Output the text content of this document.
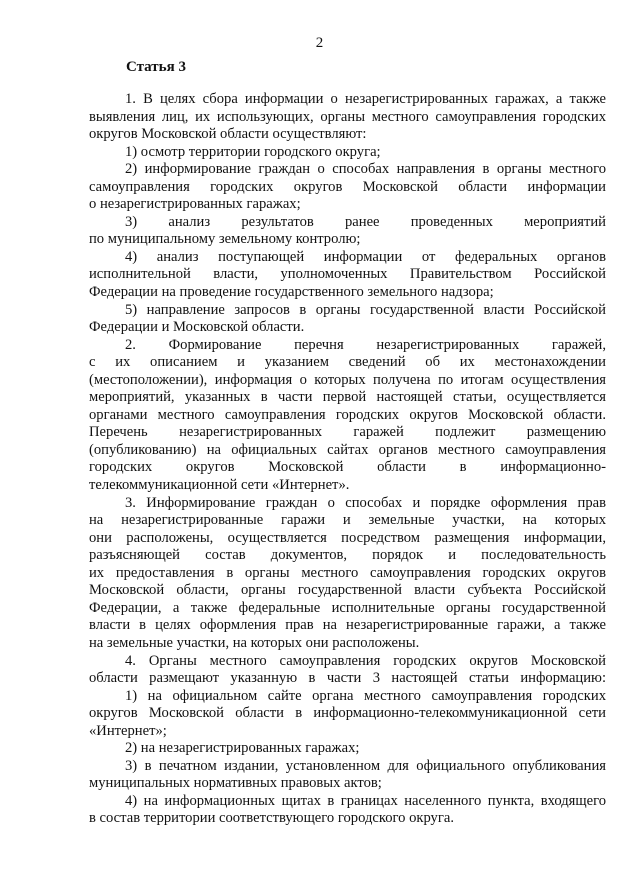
2
Статья 3
1. В целях сбора информации о незарегистрированных гаражах, а также
выявления лиц, их использующих, органы местного самоуправления городских
округов Московской области осуществляют:
1) осмотр территории городского округа;
2) информирование граждан о способах направления в органы местного
самоуправления городских округов Московской области информации
о незарегистрированных гаражах;
3) анализ результатов ранее проведенных мероприятий
по муниципальному земельному контролю;
4) анализ поступающей информации от федеральных органов
исполнительной власти, уполномоченных Правительством Российской
Федерации на проведение государственного земельного надзора;
5) направление запросов в органы государственной власти Российской
Федерации и Московской области.
2. Формирование перечня незарегистрированных гаражей,
с их описанием и указанием сведений об их местонахождении
(местоположении), информация о которых получена по итогам осуществления
мероприятий, указанных в части первой настоящей статьи, осуществляется
органами местного самоуправления городских округов Московской области.
Перечень незарегистрированных гаражей подлежит размещению
(опубликованию) на официальных сайтах органов местного самоуправления
городских округов Московской области в информационно-
телекоммуникационной сети «Интернет».
3. Информирование граждан о способах и порядке оформления прав
на незарегистрированные гаражи и земельные участки, на которых
они расположены, осуществляется посредством размещения информации,
разъясняющей состав документов, порядок и последовательность
их предоставления в органы местного самоуправления городских округов
Московской области, органы государственной власти субъекта Российской
Федерации, а также федеральные исполнительные органы государственной
власти в целях оформления прав на незарегистрированные гаражи, а также
на земельные участки, на которых они расположены.
4. Органы местного самоуправления городских округов Московской
области размещают указанную в части 3 настоящей статьи информацию:
1) на официальном сайте органа местного самоуправления городских
округов Московской области в информационно-телекоммуникационной сети
«Интернет»;
2) на незарегистрированных гаражах;
3) в печатном издании, установленном для официального опубликования
муниципальных нормативных правовых актов;
4) на информационных щитах в границах населенного пункта, входящего
в состав территории соответствующего городского округа.
